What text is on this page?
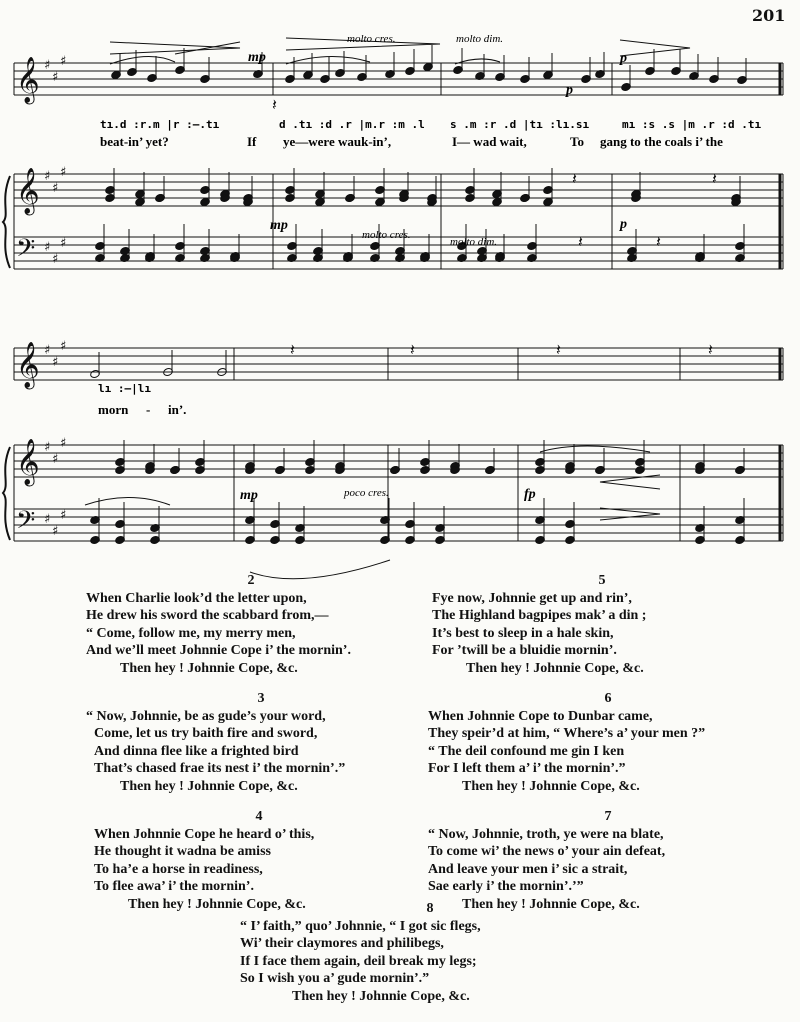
201
𝄞
𝄞
𝄞
𝄞
𝄢
𝄢
♯
♯
♯
♯
♯
♯
♯
♯
♯
♯
♯
♯
♯
♯
♯
♯
♯
♯
𝄽
𝄽	𝄽	𝄽	𝄽
𝄽
𝄽	𝄽
𝄽
molto cres.	molto dim.
mp
p
p
tı.d :r.m |r :—.tı	d .tı :d .r |m.r :m .l s .m :r .d |tı :lı.sı	mı :s .s |m .r :d .tı
beat-in’ yet?	If ye—were wauk-in’,	I— wad wait,	To gang to the coals i’ the
mp
molto cres.
molto dim.
p
lı :—|lı
morn - in’.
mp	poco cres.	fp
2
When Charlie look’d the letter upon,
He drew his sword the scabbard from,—
“ Come, follow me, my merry men,
And we’ll meet Johnnie Cope i’ the mornin’.
Then hey ! Johnnie Cope, &c.
3
“ Now, Johnnie, be as gude’s your word,
Come, let us try baith fire and sword,
And dinna flee like a frighted bird
That’s chased frae its nest i’ the mornin’.”
Then hey ! Johnnie Cope, &c.
4
When Johnnie Cope he heard o’ this,
He thought it wadna be amiss
To ha’e a horse in readiness,
To flee awa’ i’ the mornin’.
Then hey ! Johnnie Cope, &c.
5
Fye now, Johnnie get up and rin’,
The Highland bagpipes mak’ a din ;
It’s best to sleep in a hale skin,
For ’twill be a bluidie mornin’.
Then hey ! Johnnie Cope, &c.
6
When Johnnie Cope to Dunbar came,
They speir’d at him, “ Where’s a’ your men ?”
“ The deil confound me gin I ken
For I left them a’ i’ the mornin’.”
Then hey ! Johnnie Cope, &c.
7
“ Now, Johnnie, troth, ye were na blate,
To come wi’ the news o’ your ain defeat,
And leave your men i’ sic a strait,
Sae early i’ the mornin’.’”
Then hey ! Johnnie Cope, &c.
8
“ I’ faith,” quo’ Johnnie, “ I got sic flegs,
Wi’ their claymores and philibegs,
If I face them again, deil break my legs;
So I wish you a’ gude mornin’.”
Then hey ! Johnnie Cope, &c.
